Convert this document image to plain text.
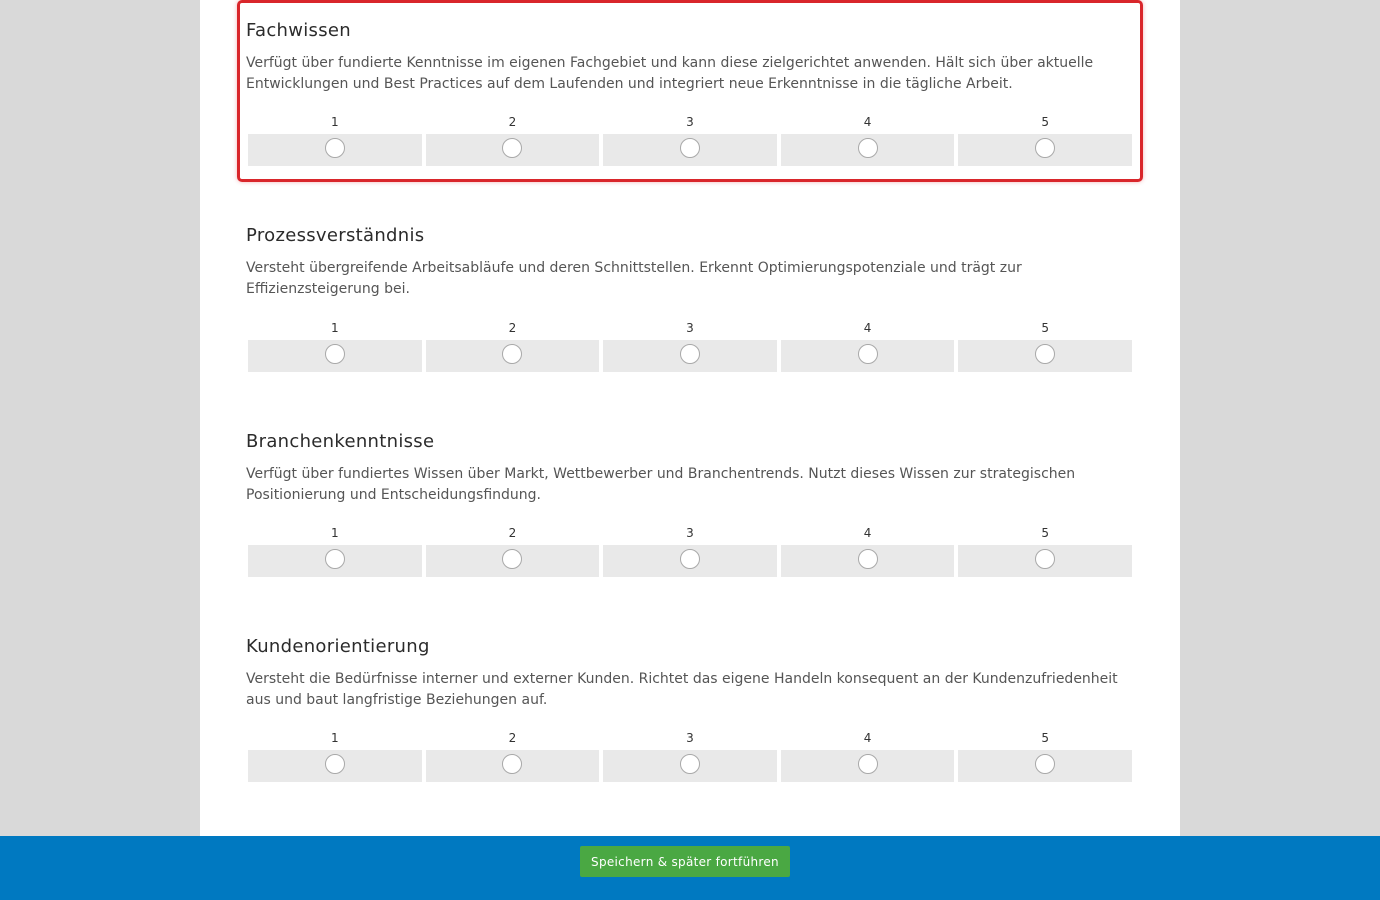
Fachwissen
Verfügt über fundierte Kenntnisse im eigenen Fachgebiet und kann diese zielgerichtet anwenden. Hält sich über aktuelle Entwicklungen und Best Practices auf dem Laufenden und integriert neue Erkenntnisse in die tägliche Arbeit.
1	2	3	4	5
Prozessverständnis
Versteht übergreifende Arbeitsabläufe und deren Schnittstellen. Erkennt Optimierungspotenziale und trägt zur Effizienzsteigerung bei.
1	2	3	4	5
Branchenkenntnisse
Verfügt über fundiertes Wissen über Markt, Wettbewerber und Branchentrends. Nutzt dieses Wissen zur strategischen Positionierung und Entscheidungsfindung.
1	2	3	4	5
Kundenorientierung
Versteht die Bedürfnisse interner und externer Kunden. Richtet das eigene Handeln konsequent an der Kundenzufriedenheit aus und baut langfristige Beziehungen auf.
1	2	3	4	5
Speichern & später fortführen
